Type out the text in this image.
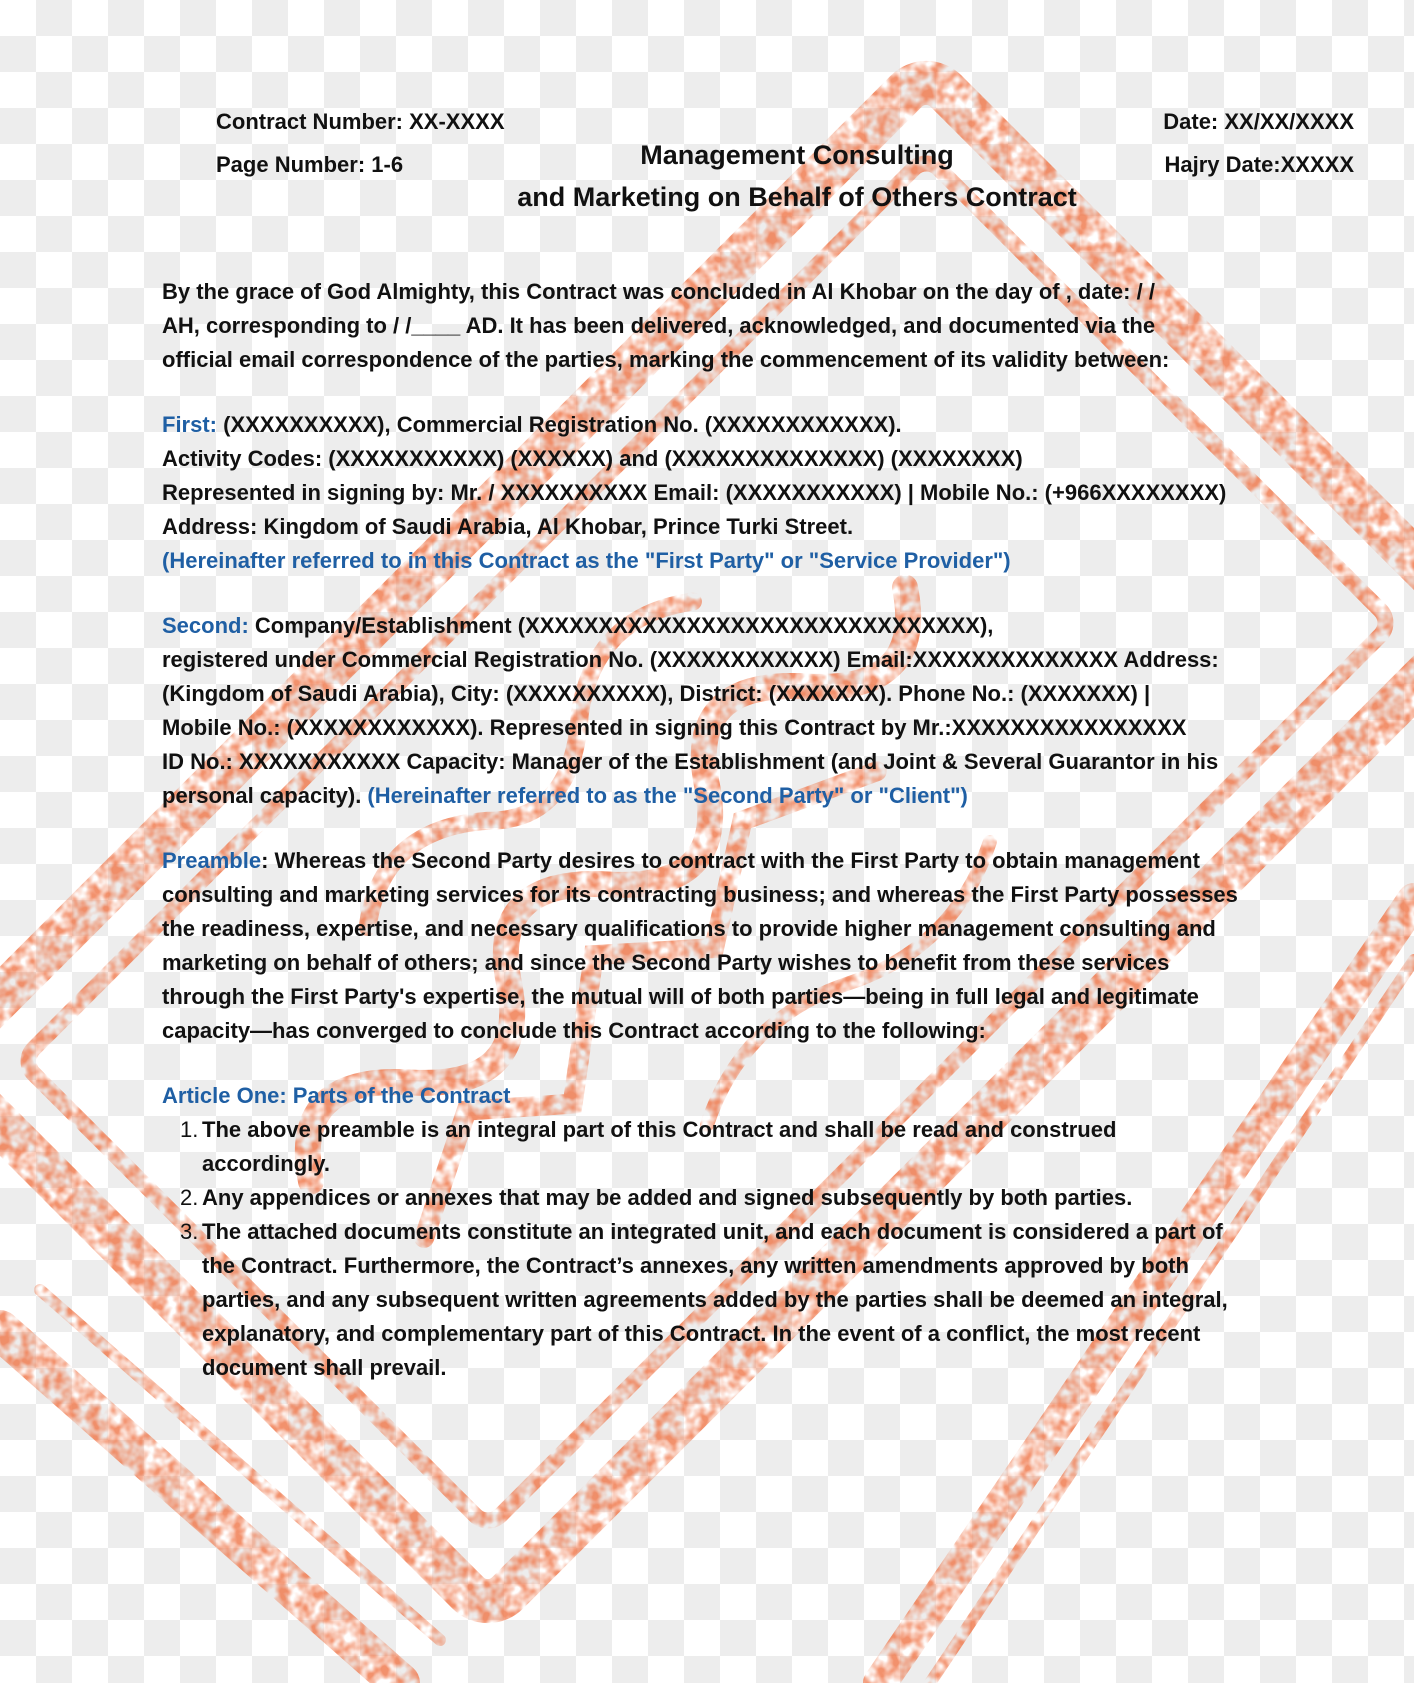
Contract Number: XX-XXXX
Page Number: 1-6	Management Consulting
and Marketing on Behalf of Others Contract
Date: XX/XX/XXXX
Hajry Date:XXXXX

By the grace of God Almighty, this Contract was concluded in Al Khobar on the day of , date: / /

AH, corresponding to / /____ AD. It has been delivered, acknowledged, and documented via the

official email correspondence of the parties, marking the commencement of its validity between:

First: (XXXXXXXXXX), Commercial Registration No. (XXXXXXXXXXXX).

Activity Codes: (XXXXXXXXXXX) (XXXXXX) and (XXXXXXXXXXXXXX) (XXXXXXXX)

Represented in signing by: Mr. / XXXXXXXXXX Email: (XXXXXXXXXXX) | Mobile No.: (+966XXXXXXXX)

Address: Kingdom of Saudi Arabia, Al Khobar, Prince Turki Street.

(Hereinafter referred to in this Contract as the "First Party" or "Service Provider")

Second: Company/Establishment (XXXXXXXXXXXXXXXXXXXXXXXXXXXXXXX),

registered under Commercial Registration No. (XXXXXXXXXXXX) Email:XXXXXXXXXXXXXX Address:

(Kingdom of Saudi Arabia), City: (XXXXXXXXXX), District: (XXXXXXX). Phone No.: (XXXXXXX) |

Mobile No.: (XXXXXXXXXXXX). Represented in signing this Contract by Mr.:XXXXXXXXXXXXXXXX

ID No.: XXXXXXXXXXX Capacity: Manager of the Establishment (and Joint & Several Guarantor in his

personal capacity). (Hereinafter referred to as the "Second Party" or "Client")

Preamble: Whereas the Second Party desires to contract with the First Party to obtain management

consulting and marketing services for its contracting business; and whereas the First Party possesses

the readiness, expertise, and necessary qualifications to provide higher management consulting and

marketing on behalf of others; and since the Second Party wishes to benefit from these services

through the First Party's expertise, the mutual will of both parties—being in full legal and legitimate

capacity—has converged to conclude this Contract according to the following:

Article One: Parts of the Contract

1. The above preamble is an integral part of this Contract and shall be read and construed
accordingly.
2. Any appendices or annexes that may be added and signed subsequently by both parties.
3. The attached documents constitute an integrated unit, and each document is considered a part of
the Contract. Furthermore, the Contract’s annexes, any written amendments approved by both
parties, and any subsequent written agreements added by the parties shall be deemed an integral,
explanatory, and complementary part of this Contract. In the event of a conflict, the most recent
document shall prevail.
